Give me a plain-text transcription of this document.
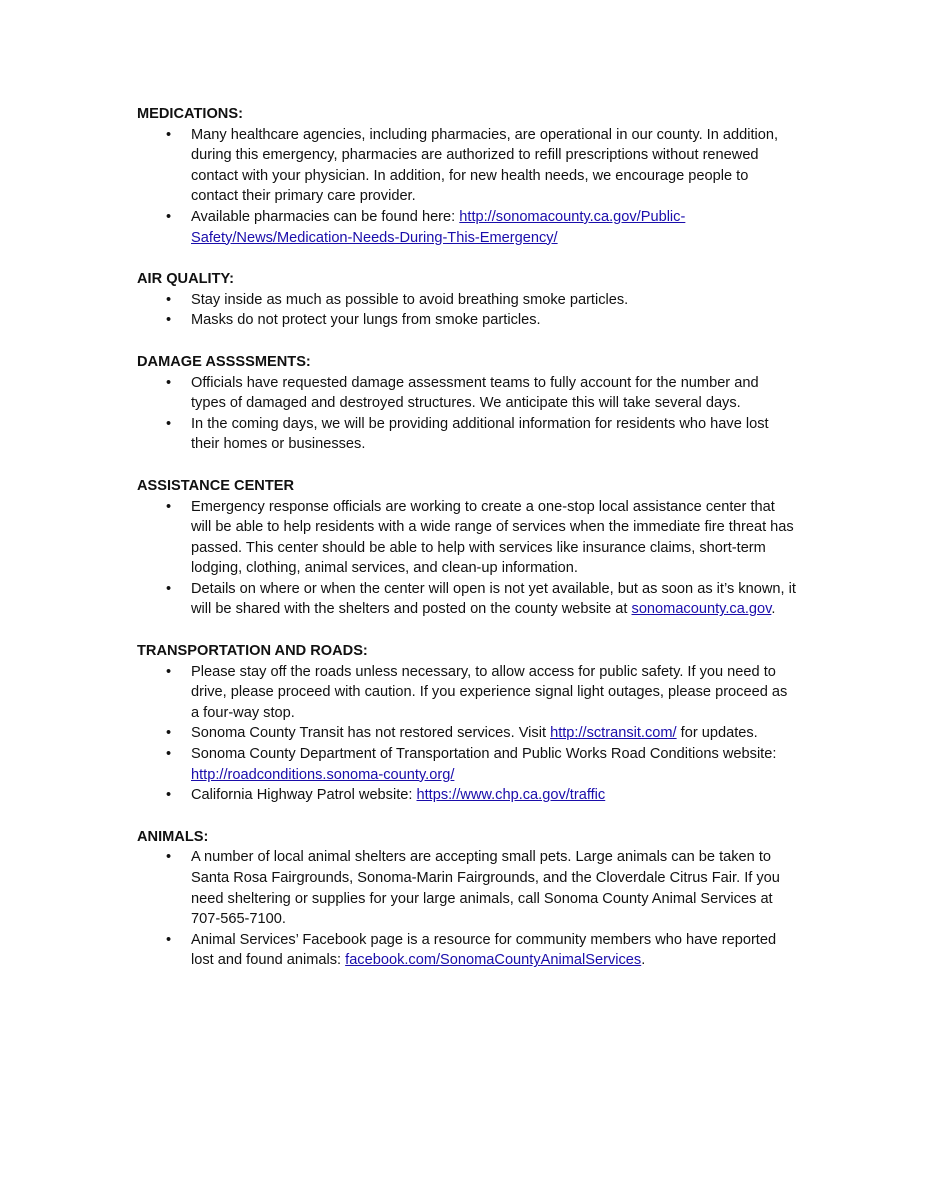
MEDICATIONS:

• Many healthcare agencies, including pharmacies, are operational in our county. In addition, during this emergency, pharmacies are authorized to refill prescriptions without renewed contact with your physician. In addition, for new health needs, we encourage people to contact their primary care provider.
• Available pharmacies can be found here: http://sonomacounty.ca.gov/Public-Safety/News/Medication-Needs-During-This-Emergency/

AIR QUALITY:

• Stay inside as much as possible to avoid breathing smoke particles.
• Masks do not protect your lungs from smoke particles.

DAMAGE ASSSSMENTS:

• Officials have requested damage assessment teams to fully account for the number and types of damaged and destroyed structures. We anticipate this will take several days.
• In the coming days, we will be providing additional information for residents who have lost their homes or businesses.

ASSISTANCE CENTER

• Emergency response officials are working to create a one-stop local assistance center that will be able to help residents with a wide range of services when the immediate fire threat has passed. This center should be able to help with services like insurance claims, short-term lodging, clothing, animal services, and clean-up information.
• Details on where or when the center will open is not yet available, but as soon as it’s known, it will be shared with the shelters and posted on the county website at sonomacounty.ca.gov.

TRANSPORTATION AND ROADS:

• Please stay off the roads unless necessary, to allow access for public safety. If you need to drive, please proceed with caution. If you experience signal light outages, please proceed as a four-way stop.
• Sonoma County Transit has not restored services. Visit http://sctransit.com/ for updates.
• Sonoma County Department of Transportation and Public Works Road Conditions website: http://roadconditions.sonoma-county.org/
• California Highway Patrol website: https://www.chp.ca.gov/traffic

ANIMALS:

• A number of local animal shelters are accepting small pets. Large animals can be taken to Santa Rosa Fairgrounds, Sonoma-Marin Fairgrounds, and the Cloverdale Citrus Fair. If you need sheltering or supplies for your large animals, call Sonoma County Animal Services at 707-565-7100.
• Animal Services’ Facebook page is a resource for community members who have reported lost and found animals: facebook.com/SonomaCountyAnimalServices.
